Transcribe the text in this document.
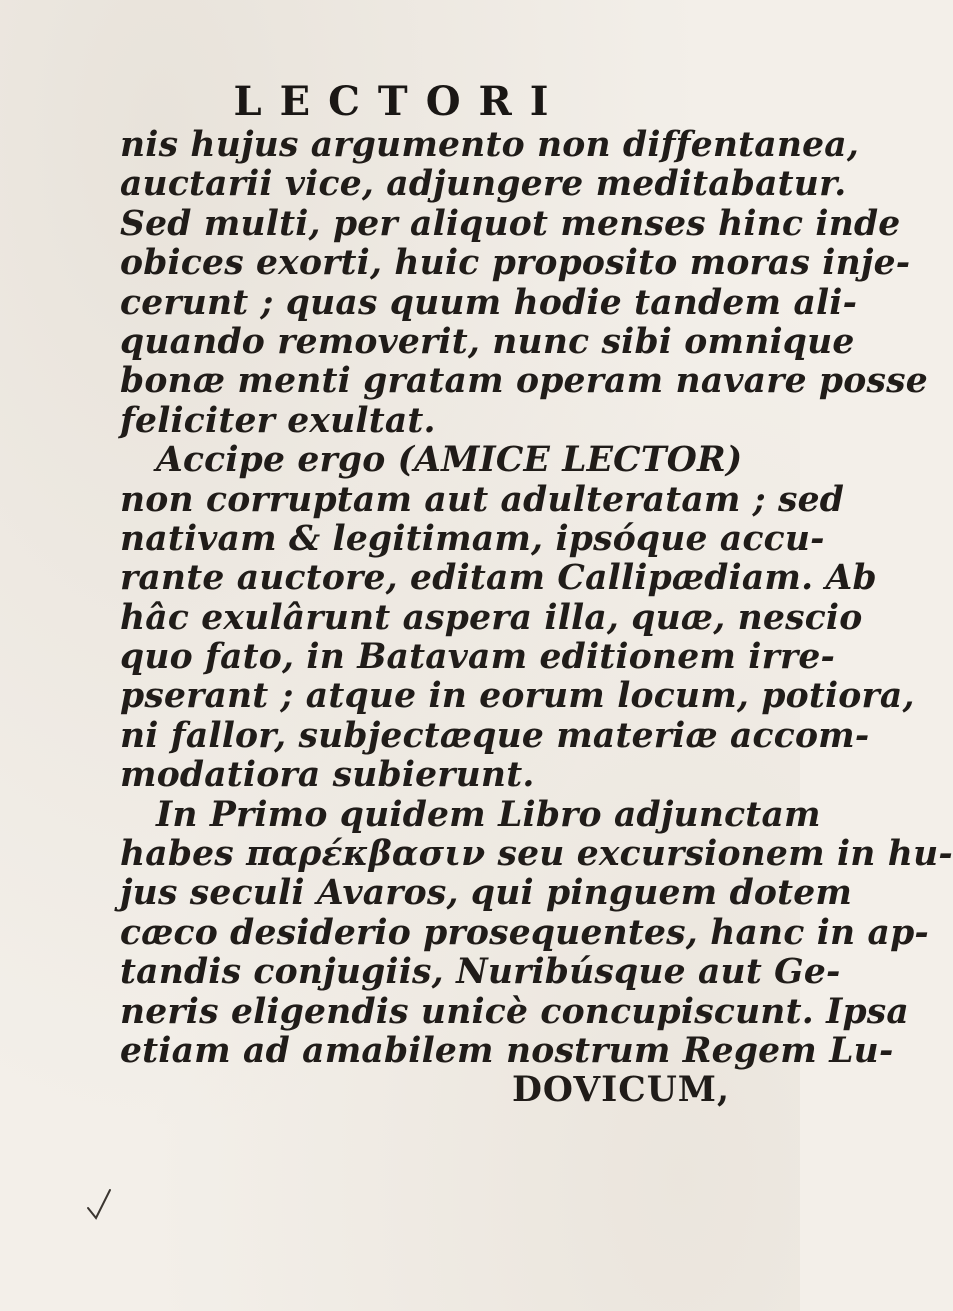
LECTORI
nis hujus argumento non diffentanea,
auctarii vice, adjungere meditabatur.
Sed multi, per aliquot menses hinc inde
obices exorti, huic proposito moras inje-
cerunt ; quas quum hodie tandem ali-
quando removerit, nunc sibi omnique
bonæ menti gratam operam navare posse
feliciter exultat.
Accipe ergo (AMICE LECTOR)
non corruptam aut adulteratam ; sed
nativam & legitimam, ipsóque accu-
rante auctore, editam Callipædiam. Ab
hâc exulârunt aspera illa, quæ, nescio
quo fato, in Batavam editionem irre-
pserant ; atque in eorum locum, potiora,
ni fallor, subjectæque materiæ accom-
modatiora subierunt.
In Primo quidem Libro adjunctam
habes παρέκβασιν seu excursionem in hu-
jus seculi Avaros, qui pinguem dotem
cæco desiderio prosequentes, hanc in ap-
tandis conjugiis, Nuribúsque aut Ge-
neris eligendis unicè concupiscunt. Ipsa
etiam ad amabilem nostrum Regem Lu-
DOVICUM,
